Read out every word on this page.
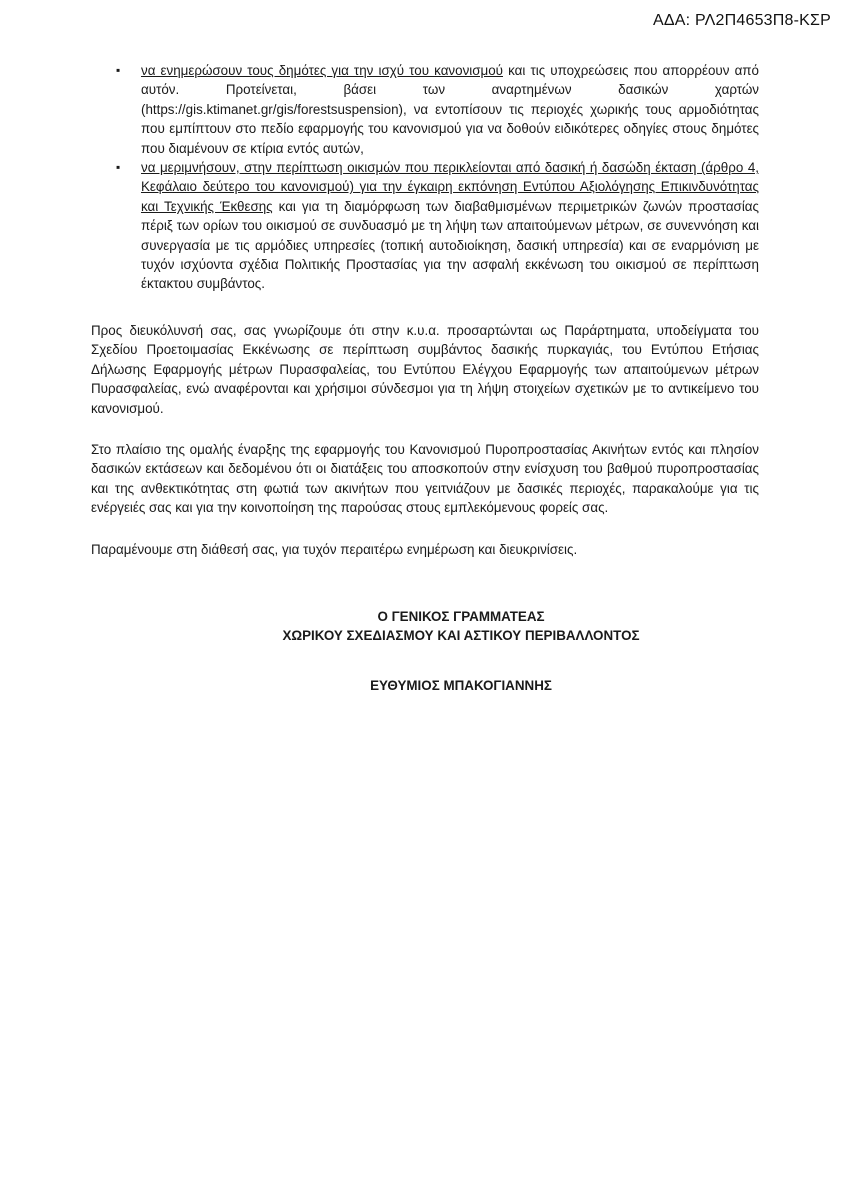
ΑΔΑ: ΡΛ2Π4653Π8-ΚΣΡ
▪
να ενημερώσουν τους δημότες για την ισχύ του κανονισμού και τις υποχρεώσεις που απορρέουν από αυτόν. Προτείνεται, βάσει των αναρτημένων δασικών χαρτών (https://gis.ktimanet.gr/gis/forestsuspension), να εντοπίσουν τις περιοχές χωρικής τους αρμοδιότητας που εμπίπτουν στο πεδίο εφαρμογής του κανονισμού για να δοθούν ειδικότερες οδηγίες στους δημότες που διαμένουν σε κτίρια εντός αυτών,
▪
να μεριμνήσουν, στην περίπτωση οικισμών που περικλείονται από δασική ή δασώδη έκταση (άρθρο 4, Κεφάλαιο δεύτερο του κανονισμού) για την έγκαιρη εκπόνηση Εντύπου Αξιολόγησης Επικινδυνότητας και Τεχνικής Έκθεσης και για τη διαμόρφωση των διαβαθμισμένων περιμετρικών ζωνών προστασίας πέριξ των ορίων του οικισμού σε συνδυασμό με τη λήψη των απαιτούμενων μέτρων, σε συνεννόηση και συνεργασία με τις αρμόδιες υπηρεσίες (τοπική αυτοδιοίκηση, δασική υπηρεσία) και σε εναρμόνιση με τυχόν ισχύοντα σχέδια Πολιτικής Προστασίας για την ασφαλή εκκένωση του οικισμού σε περίπτωση έκτακτου συμβάντος.

Προς διευκόλυνσή σας, σας γνωρίζουμε ότι στην κ.υ.α. προσαρτώνται ως Παράρτηματα, υποδείγματα του Σχεδίου Προετοιμασίας Εκκένωσης σε περίπτωση συμβάντος δασικής πυρκαγιάς, του Εντύπου Ετήσιας Δήλωσης Εφαρμογής μέτρων Πυρασφαλείας, του Εντύπου Ελέγχου Εφαρμογής των απαιτούμενων μέτρων Πυρασφαλείας, ενώ αναφέρονται και χρήσιμοι σύνδεσμοι για τη λήψη στοιχείων σχετικών με το αντικείμενο του κανονισμού.

Στο πλαίσιο της ομαλής έναρξης της εφαρμογής του Κανονισμού Πυροπροστασίας Ακινήτων εντός και πλησίον δασικών εκτάσεων και δεδομένου ότι οι διατάξεις του αποσκοπούν στην ενίσχυση του βαθμού πυροπροστασίας και της ανθεκτικότητας στη φωτιά των ακινήτων που γειτνιάζουν με δασικές περιοχές, παρακαλούμε για τις ενέργειές σας και για την κοινοποίηση της παρούσας στους εμπλεκόμενους φορείς σας.

Παραμένουμε στη διάθεσή σας, για τυχόν περαιτέρω ενημέρωση και διευκρινίσεις.

Ο ΓΕΝΙΚΟΣ ΓΡΑΜΜΑΤΕΑΣ

ΧΩΡΙΚΟΥ ΣΧΕΔΙΑΣΜΟΥ ΚΑΙ ΑΣΤΙΚΟΥ ΠΕΡΙΒΑΛΛΟΝΤΟΣ

ΕΥΘΥΜΙΟΣ ΜΠΑΚΟΓΙΑΝΝΗΣ
